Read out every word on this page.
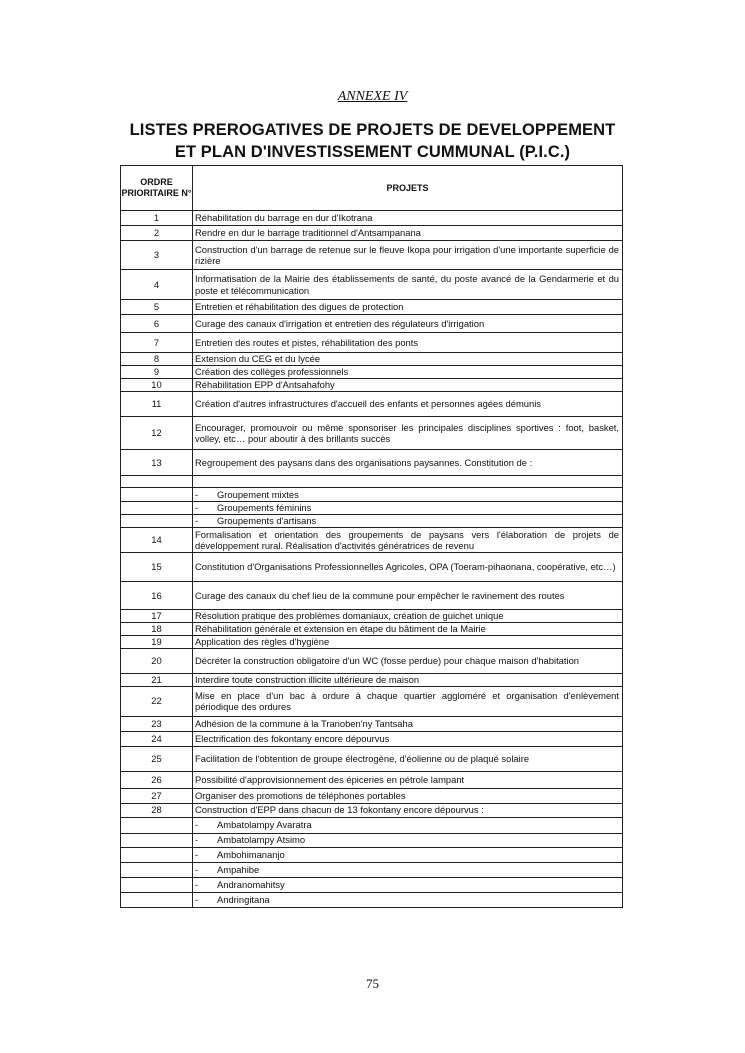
ANNEXE IV
LISTES PREROGATIVES DE PROJETS DE DEVELOPPEMENT
ET PLAN D'INVESTISSEMENT CUMMUNAL (P.I.C.)
ORDRE PRIORITAIRE N°	PROJETS
1	Réhabilitation du barrage en dur d'Ikotrana
2	Rendre en dur le barrage traditionnel d'Antsampanana
3	Construction d'un barrage de retenue sur le fleuve Ikopa pour irrigation d'une importante superficie de rizière
4	Informatisation de la Mairie des établissements de santé, du poste avancé de la Gendarmerie et du poste et télécommunication
5	Entretien et réhabilitation des digues de protection
6	Curage des canaux d'irrigation et entretien des régulateurs d'irrigation
7	Entretien des routes et pistes, réhabilitation des ponts
8	Extension du CEG et du lycée
9	Création des collèges professionnels
10	Réhabilitation EPP d'Antsahafohy
11	Création d'autres infrastructures d'accueil des enfants et personnes agées démunis
12	Encourager, promouvoir ou même sponsoriser les principales disciplines sportives : foot, basket, volley, etc… pour aboutir à des brillants succès
13	Regroupement des paysans dans des organisations paysannes. Constitution de :

	- Groupement mixtes
	- Groupements féminins
	- Groupements d'artisans
14	Formalisation et orientation des groupements de paysans vers l'élaboration de projets de développement rural. Réalisation d'activités génératrices de revenu
15	Constitution d'Organisations Professionnelles Agricoles, OPA (Toeram-pihaonana, coopérative, etc…)
16	Curage des canaux du chef lieu de la commune pour empêcher le ravinement des routes
17	Résolution pratique des problèmes domaniaux, création de guichet unique
18	Réhabilitation générale et extension en étape du bâtiment de la Mairie
19	Application des règles d'hygiène
20	Décréter la construction obligatoire d'un WC (fosse perdue) pour chaque maison d'habitation
21	Interdire toute construction illicite ultérieure de maison
22	Mise en place d'un bac à ordure à chaque quartier aggloméré et organisation d'enlèvement périodique des ordures
23	Adhésion de la commune à la Tranoben'ny Tantsaha
24	Electrification des fokontany encore dépourvus
25	Facilitation de l'obtention de groupe électrogène, d'éolienne ou de plaqué solaire
26	Possibilité d'approvisionnement des épiceries en pétrole lampant
27	Organiser des promotions de téléphones portables
28	Construction d'EPP dans chacun de 13 fokontany encore dépourvus :
	- Ambatolampy Avaratra
	- Ambatolampy Atsimo
	- Ambohimananjo
	- Ampahibe
	- Andranomahitsy
	- Andringitana
75
